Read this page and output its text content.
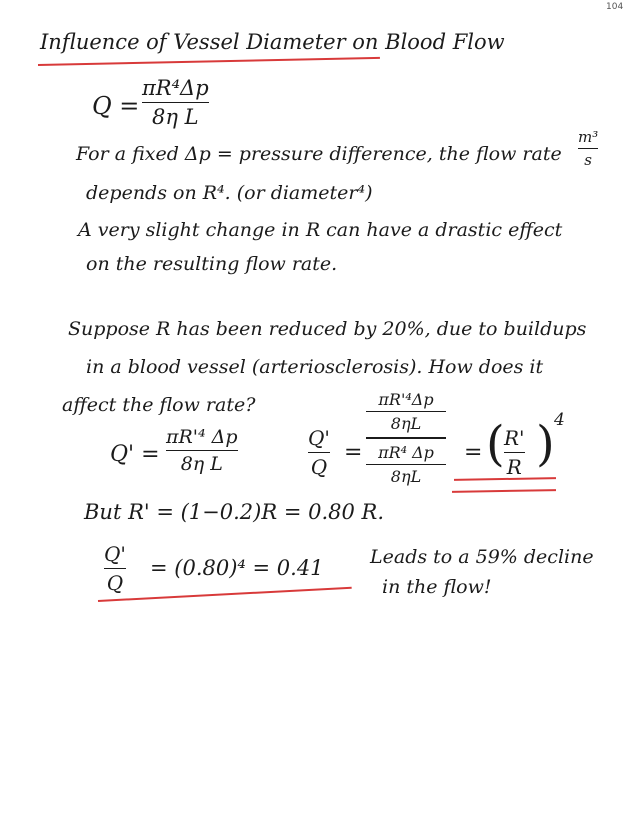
104
Influence of Vessel Diameter on Blood Flow
Q =
πR⁴Δp
8η L
For a fixed Δp = pressure difference, the flow rate
m³
s
depends on R⁴. (or diameter⁴)
A very slight change in R can have a drastic effect
on the resulting flow rate.
Suppose R has been reduced by 20%, due to buildups
in a blood vessel (arteriosclerosis). How does it
affect the flow rate?
Q' =
πR'⁴ Δp
8η L
Q'
Q
=
πR'⁴Δp
8ηL
πR⁴ Δp
8ηL
= ( R'
R ) 4
But R' = (1−0.2)R = 0.80 R.
Q'
Q
= (0.80)⁴ = 0.41 Leads to a 59% decline
in the flow!
